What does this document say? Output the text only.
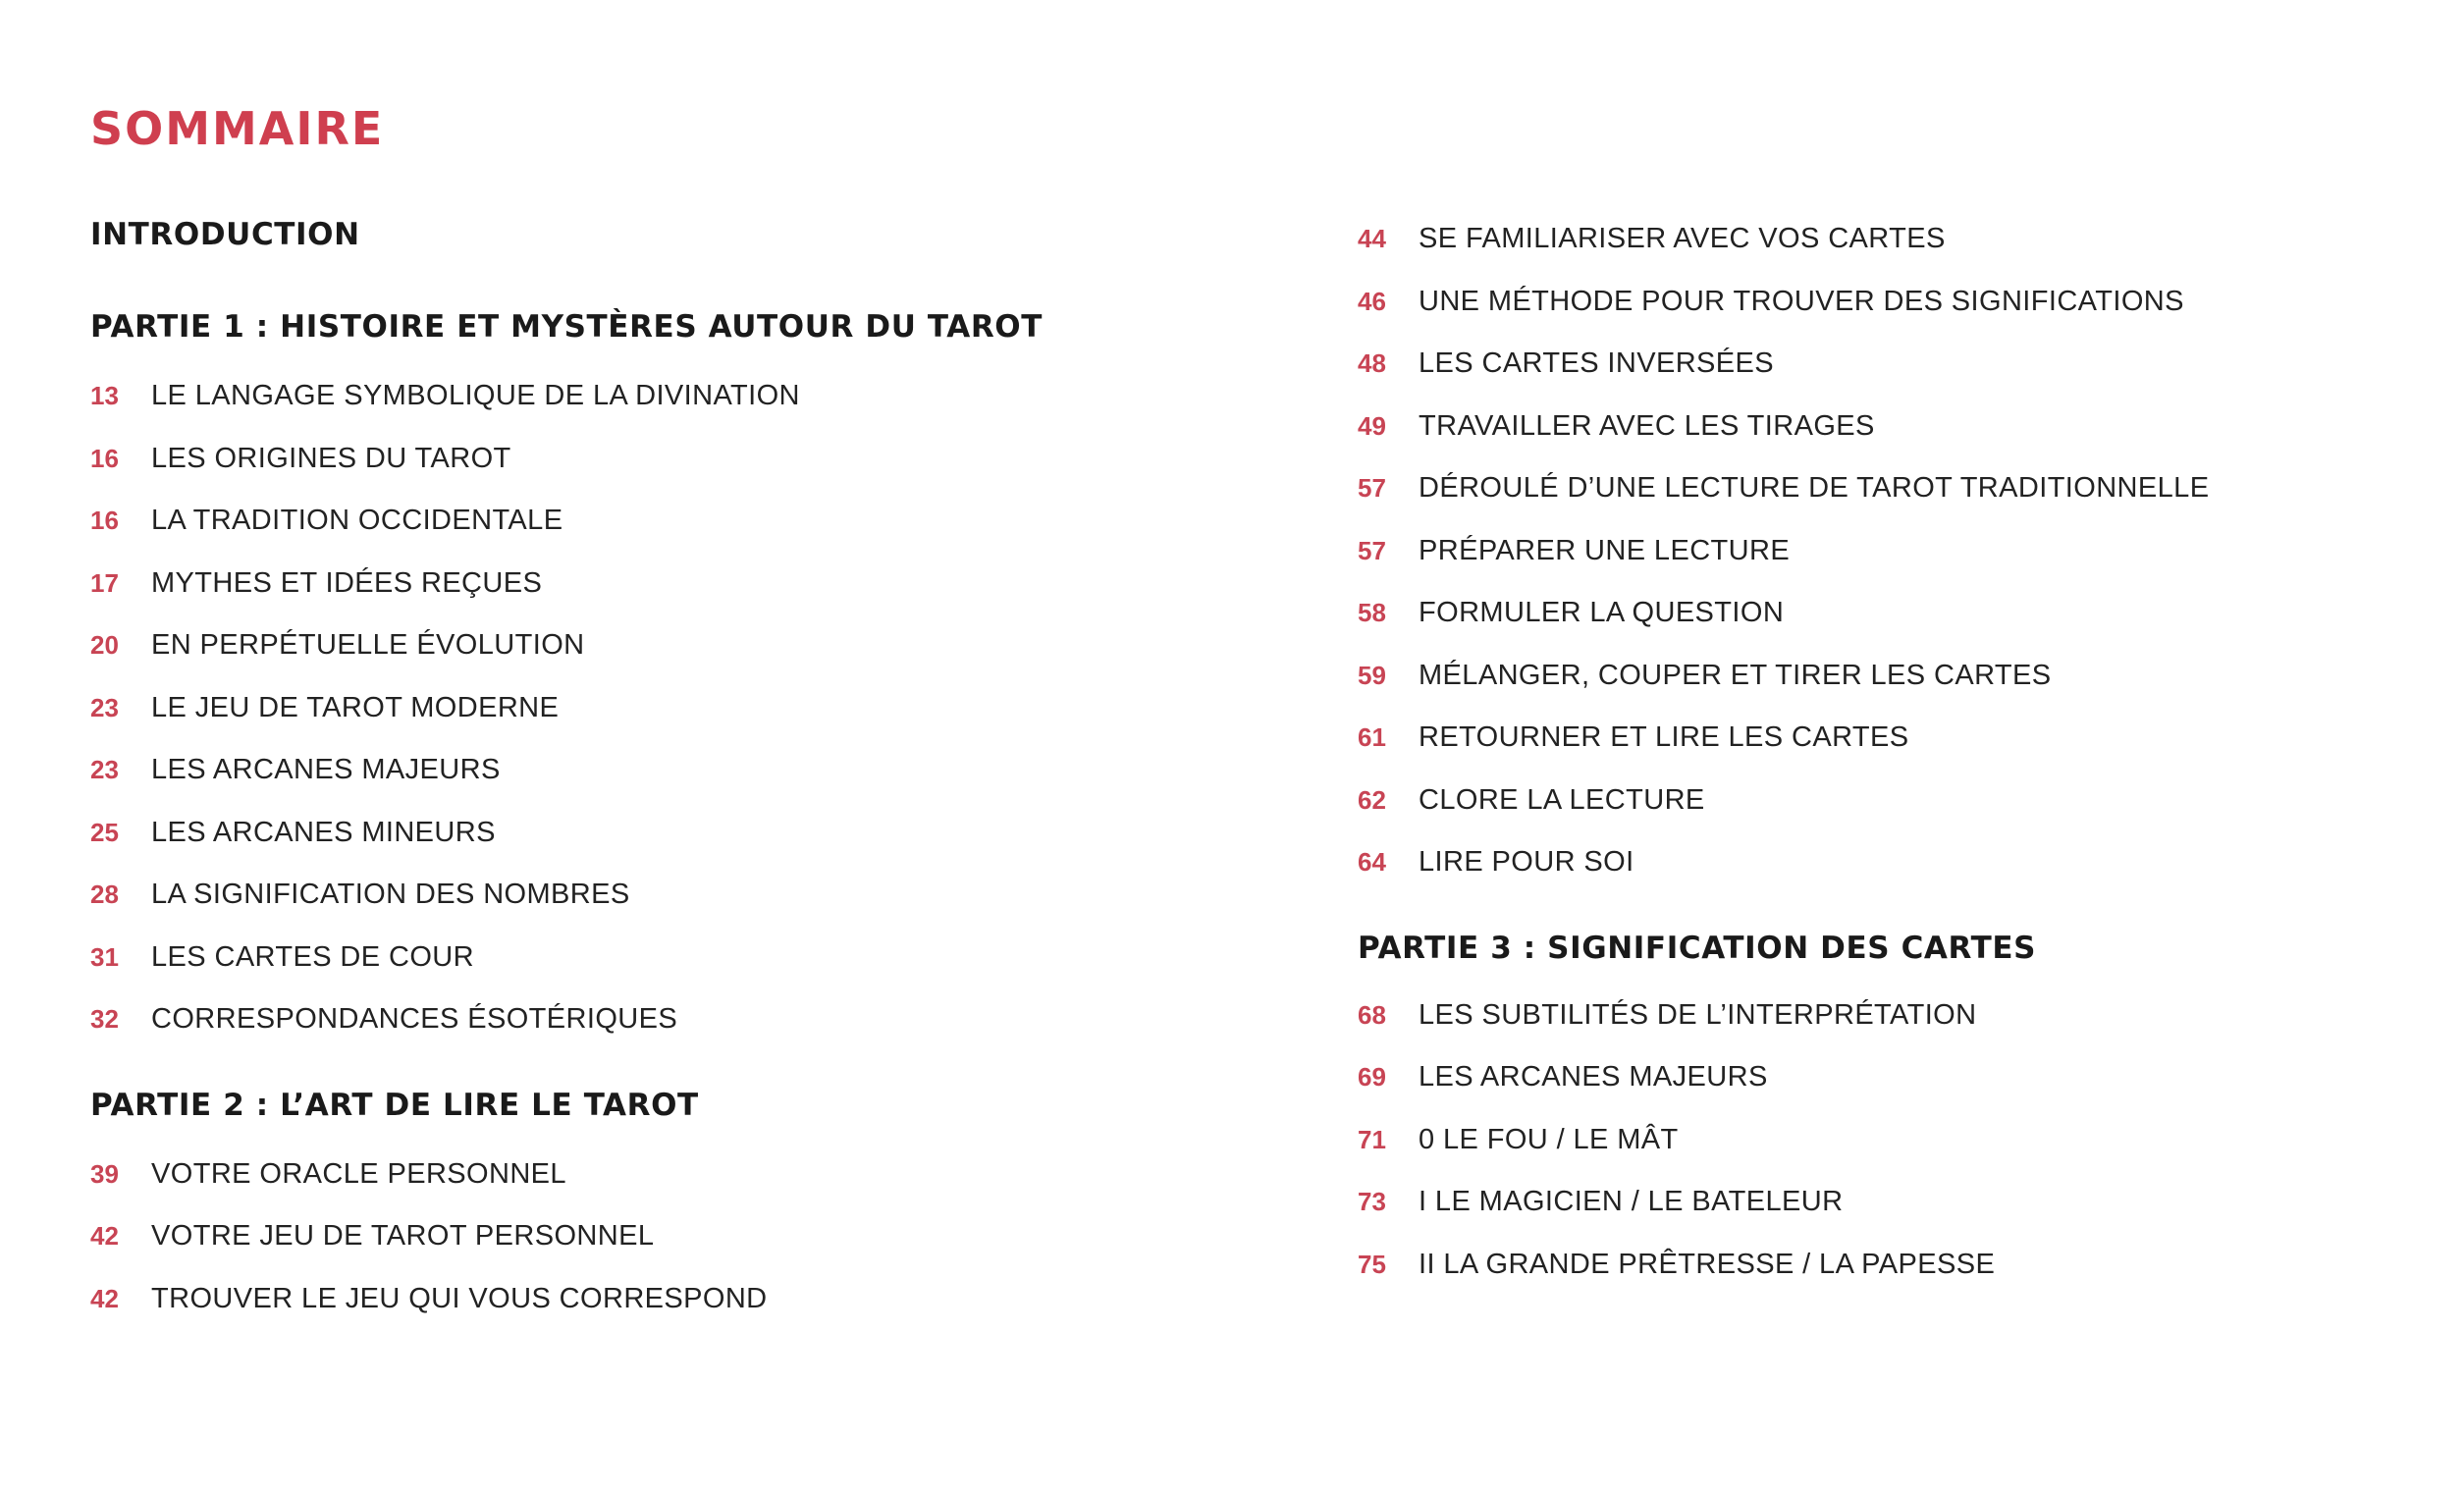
SOMMAIRE
INTRODUCTION
PARTIE 1 : HISTOIRE ET MYSTÈRES AUTOUR DU TAROT
13	LE LANGAGE SYMBOLIQUE DE LA DIVINATION
16	LES ORIGINES DU TAROT
16	LA TRADITION OCCIDENTALE
17	MYTHES ET IDÉES REÇUES
20	EN PERPÉTUELLE ÉVOLUTION
23	LE JEU DE TAROT MODERNE
23	LES ARCANES MAJEURS
25	LES ARCANES MINEURS
28	LA SIGNIFICATION DES NOMBRES
31	LES CARTES DE COUR
32	CORRESPONDANCES ÉSOTÉRIQUES
PARTIE 2 : L’ART DE LIRE LE TAROT
39	VOTRE ORACLE PERSONNEL
42	VOTRE JEU DE TAROT PERSONNEL
42	TROUVER LE JEU QUI VOUS CORRESPOND
44	SE FAMILIARISER AVEC VOS CARTES
46	UNE MÉTHODE POUR TROUVER DES SIGNIFICATIONS
48	LES CARTES INVERSÉES
49	TRAVAILLER AVEC LES TIRAGES
57	DÉROULÉ D’UNE LECTURE DE TAROT TRADITIONNELLE
57	PRÉPARER UNE LECTURE
58	FORMULER LA QUESTION
59	MÉLANGER, COUPER ET TIRER LES CARTES
61	RETOURNER ET LIRE LES CARTES
62	CLORE LA LECTURE
64	LIRE POUR SOI
PARTIE 3 : SIGNIFICATION DES CARTES
68	LES SUBTILITÉS DE L’INTERPRÉTATION
69	LES ARCANES MAJEURS
71	0 LE FOU / LE MÂT
73	I LE MAGICIEN / LE BATELEUR
75	II LA GRANDE PRÊTRESSE / LA PAPESSE
